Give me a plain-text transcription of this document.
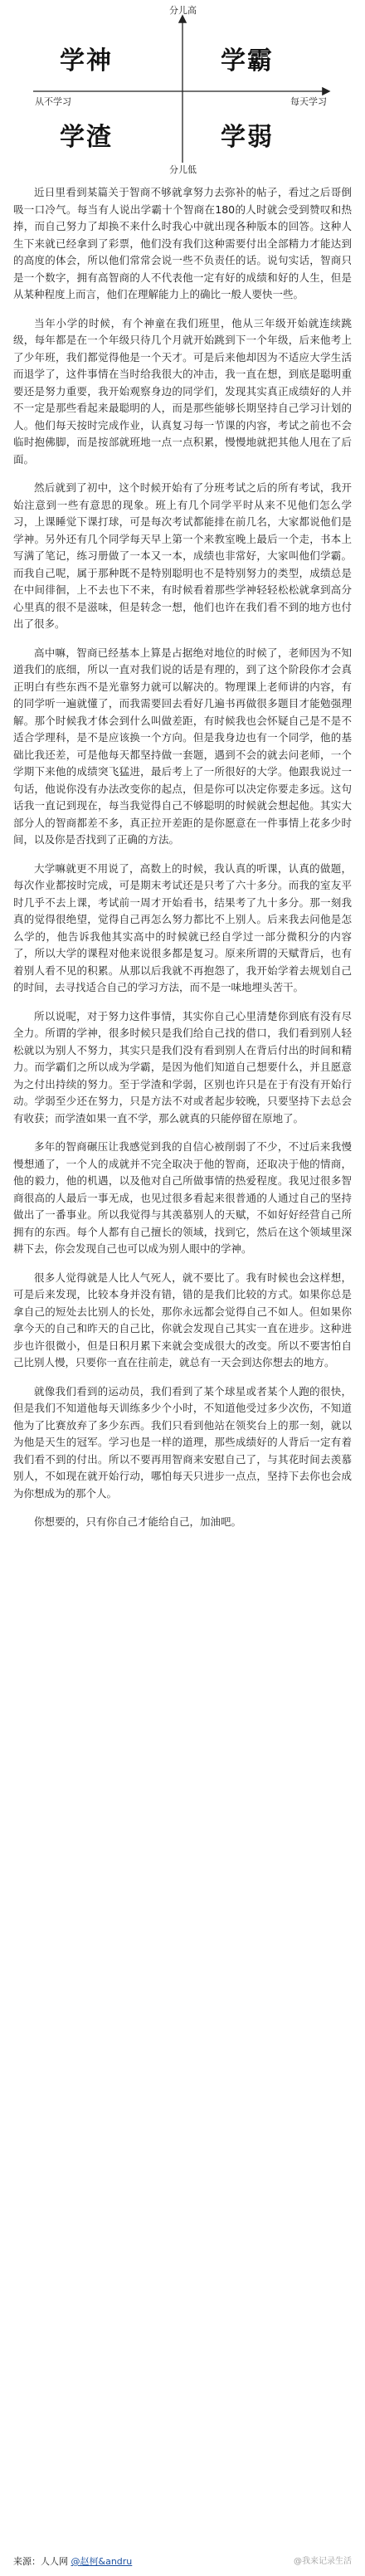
分儿高
分儿低
从不学习	每天学习
学神	学霸
学渣	学弱

近日里看到某篇关于智商不够就拿努力去弥补的帖子，看过之后哥倒吸一口冷气。每当有人说出学霸十个智商在180的人时就会受到赞叹和热捧，而自己努力了却换不来什么时我心中就出现各种版本的回答。这种人生下来就已经拿到了彩票，他们没有我们这种需要付出全部精力才能达到的高度的体会，所以他们常常会说一些不负责任的话。说句实话，智商只是一个数字，拥有高智商的人不代表他一定有好的成绩和好的人生，但是从某种程度上而言，他们在理解能力上的确比一般人要快一些。

当年小学的时候，有个神童在我们班里，他从三年级开始就连续跳级，每年都是在一个年级只待几个月就开始跳到下一个年级，后来他考上了少年班，我们都觉得他是一个天才。可是后来他却因为不适应大学生活而退学了，这件事情在当时给我很大的冲击，我一直在想，到底是聪明重要还是努力重要，我开始观察身边的同学们，发现其实真正成绩好的人并不一定是那些看起来最聪明的人，而是那些能够长期坚持自己学习计划的人。他们每天按时完成作业，认真复习每一节课的内容，考试之前也不会临时抱佛脚，而是按部就班地一点一点积累，慢慢地就把其他人甩在了后面。

然后就到了初中，这个时候开始有了分班考试之后的所有考试，我开始注意到一些有意思的现象。班上有几个同学平时从来不见他们怎么学习，上课睡觉下课打球，可是每次考试都能排在前几名，大家都说他们是学神。另外还有几个同学每天早上第一个来教室晚上最后一个走，书本上写满了笔记，练习册做了一本又一本，成绩也非常好，大家叫他们学霸。而我自己呢，属于那种既不是特别聪明也不是特别努力的类型，成绩总是在中间徘徊，上不去也下不来，有时候看着那些学神轻轻松松就拿到高分心里真的很不是滋味，但是转念一想，他们也许在我们看不到的地方也付出了很多。

高中嘛，智商已经基本上算是占据绝对地位的时候了，老师因为不知道我们的底细，所以一直对我们说的话是有理的，到了这个阶段你才会真正明白有些东西不是光靠努力就可以解决的。物理课上老师讲的内容，有的同学听一遍就懂了，而我需要回去看好几遍书再做很多题目才能勉强理解。那个时候我才体会到什么叫做差距，有时候我也会怀疑自己是不是不适合学理科，是不是应该换一个方向。但是我身边也有一个同学，他的基础比我还差，可是他每天都坚持做一套题，遇到不会的就去问老师，一个学期下来他的成绩突飞猛进，最后考上了一所很好的大学。他跟我说过一句话，他说你没有办法改变你的起点，但是你可以决定你要走多远。这句话我一直记到现在，每当我觉得自己不够聪明的时候就会想起他。其实大部分人的智商都差不多，真正拉开差距的是你愿意在一件事情上花多少时间，以及你是否找到了正确的方法。

大学嘛就更不用说了，高数上的时候，我认真的听课，认真的做题，每次作业都按时完成，可是期末考试还是只考了六十多分。而我的室友平时几乎不去上课，考试前一周才开始看书，结果考了九十多分。那一刻我真的觉得很绝望，觉得自己再怎么努力都比不上别人。后来我去问他是怎么学的，他告诉我他其实高中的时候就已经自学过一部分微积分的内容了，所以大学的课程对他来说很多都是复习。原来所谓的天赋背后，也有着别人看不见的积累。从那以后我就不再抱怨了，我开始学着去规划自己的时间，去寻找适合自己的学习方法，而不是一味地埋头苦干。

所以说呢，对于努力这件事情，其实你自己心里清楚你到底有没有尽全力。所谓的学神，很多时候只是我们给自己找的借口，我们看到别人轻松就以为别人不努力，其实只是我们没有看到别人在背后付出的时间和精力。而学霸们之所以成为学霸，是因为他们知道自己想要什么，并且愿意为之付出持续的努力。至于学渣和学弱，区别也许只是在于有没有开始行动。学弱至少还在努力，只是方法不对或者起步较晚，只要坚持下去总会有收获；而学渣如果一直不学，那么就真的只能停留在原地了。

多年的智商碾压让我感觉到我的自信心被削弱了不少，不过后来我慢慢想通了，一个人的成就并不完全取决于他的智商，还取决于他的情商，他的毅力，他的机遇，以及他对自己所做事情的热爱程度。我见过很多智商很高的人最后一事无成，也见过很多看起来很普通的人通过自己的坚持做出了一番事业。所以我觉得与其羡慕别人的天赋，不如好好经营自己所拥有的东西。每个人都有自己擅长的领域，找到它，然后在这个领域里深耕下去，你会发现自己也可以成为别人眼中的学神。

很多人觉得就是人比人气死人，就不要比了。我有时候也会这样想，可是后来发现，比较本身并没有错，错的是我们比较的方式。如果你总是拿自己的短处去比别人的长处，那你永远都会觉得自己不如人。但如果你拿今天的自己和昨天的自己比，你就会发现自己其实一直在进步。这种进步也许很微小，但是日积月累下来就会变成很大的改变。所以不要害怕自己比别人慢，只要你一直在往前走，就总有一天会到达你想去的地方。

就像我们看到的运动员，我们看到了某个球星或者某个人跑的很快，但是我们不知道他每天训练多少个小时，不知道他受过多少次伤，不知道他为了比赛放弃了多少东西。我们只看到他站在领奖台上的那一刻，就以为他是天生的冠军。学习也是一样的道理，那些成绩好的人背后一定有着我们看不到的付出。所以不要再用智商来安慰自己了，与其花时间去羡慕别人，不如现在就开始行动，哪怕每天只进步一点点，坚持下去你也会成为你想成为的那个人。

你想要的，只有你自己才能给自己，加油吧。

来源：人人网 @赵柯&andru	@我来记录生活
